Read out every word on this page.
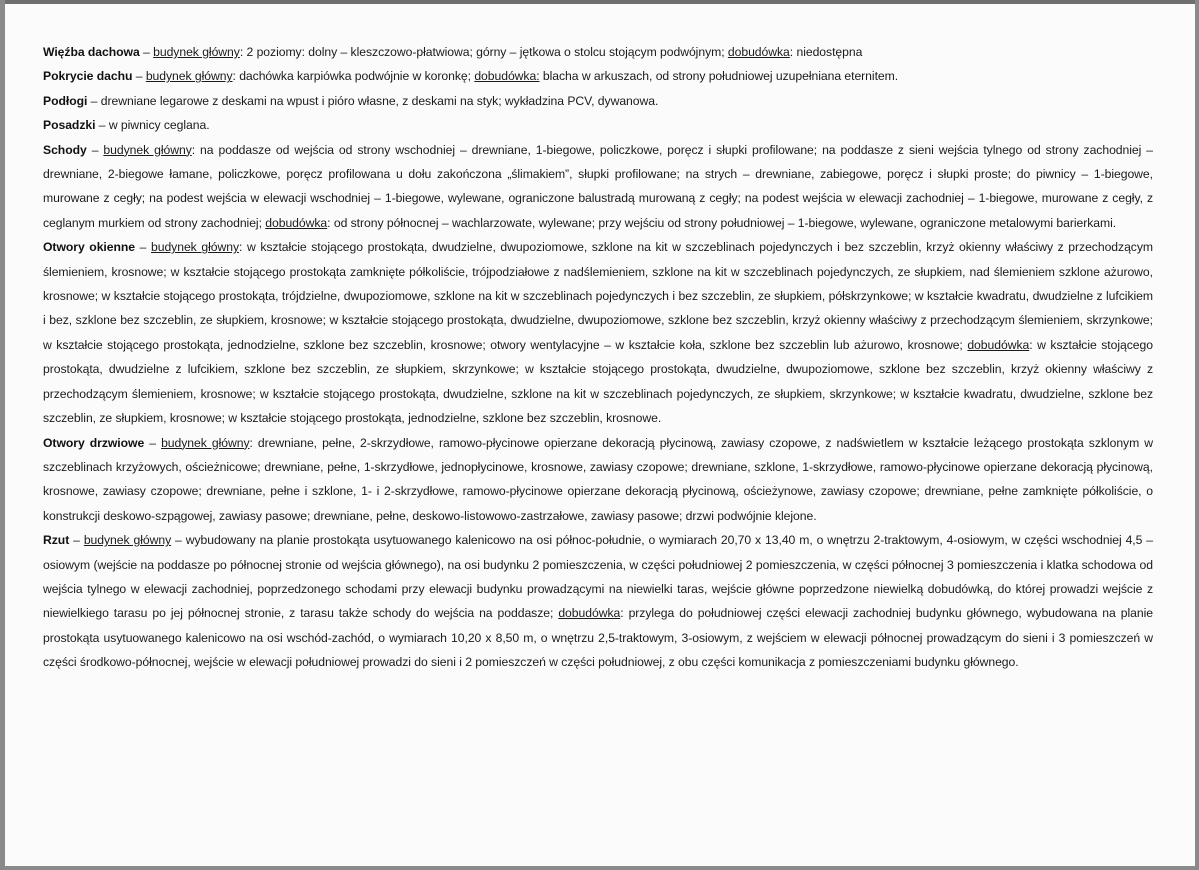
Więźba dachowa – budynek główny: 2 poziomy: dolny – kleszczowo-płatwiowa; górny – jętkowa o stolcu stojącym podwójnym; dobudówka: niedostępna

Pokrycie dachu – budynek główny: dachówka karpiówka podwójnie w koronkę; dobudówka: blacha w arkuszach, od strony południowej uzupełniana eternitem.

Podłogi – drewniane legarowe z deskami na wpust i pióro własne, z deskami na styk; wykładzina PCV, dywanowa.

Posadzki – w piwnicy ceglana.

Schody – budynek główny: na poddasze od wejścia od strony wschodniej – drewniane, 1-biegowe, policzkowe, poręcz i słupki profilowane; na poddasze z sieni wejścia tylnego od strony zachodniej – drewniane, 2-biegowe łamane, policzkowe, poręcz profilowana u dołu zakończona „ślimakiem”, słupki profilowane; na strych – drewniane, zabiegowe, poręcz i słupki proste; do piwnicy – 1-biegowe, murowane z cegły; na podest wejścia w elewacji wschodniej – 1-biegowe, wylewane, ograniczone balustradą murowaną z cegły; na podest wejścia w elewacji zachodniej – 1-biegowe, murowane z cegły, z ceglanym murkiem od strony zachodniej; dobudówka: od strony północnej – wachlarzowate, wylewane; przy wejściu od strony południowej – 1-biegowe, wylewane, ograniczone metalowymi barierkami.

Otwory okienne – budynek główny: w kształcie stojącego prostokąta, dwudzielne, dwupoziomowe, szklone na kit w szczeblinach pojedynczych i bez szczeblin, krzyż okienny właściwy z przechodzącym ślemieniem, krosnowe; w kształcie stojącego prostokąta zamknięte półkoliście, trójpodziałowe z nadślemieniem, szklone na kit w szczeblinach pojedynczych, ze słupkiem, nad ślemieniem szklone ażurowo, krosnowe; w kształcie stojącego prostokąta, trójdzielne, dwupoziomowe, szklone na kit w szczeblinach pojedynczych i bez szczeblin, ze słupkiem, półskrzynkowe; w kształcie kwadratu, dwudzielne z lufcikiem i bez, szklone bez szczeblin, ze słupkiem, krosnowe; w kształcie stojącego prostokąta, dwudzielne, dwupoziomowe, szklone bez szczeblin, krzyż okienny właściwy z przechodzącym ślemieniem, skrzynkowe; w kształcie stojącego prostokąta, jednodzielne, szklone bez szczeblin, krosnowe; otwory wentylacyjne – w kształcie koła, szklone bez szczeblin lub ażurowo, krosnowe; dobudówka: w kształcie stojącego prostokąta, dwudzielne z lufcikiem, szklone bez szczeblin, ze słupkiem, skrzynkowe; w kształcie stojącego prostokąta, dwudzielne, dwupoziomowe, szklone bez szczeblin, krzyż okienny właściwy z przechodzącym ślemieniem, krosnowe; w kształcie stojącego prostokąta, dwudzielne, szklone na kit w szczeblinach pojedynczych, ze słupkiem, skrzynkowe; w kształcie kwadratu, dwudzielne, szklone bez szczeblin, ze słupkiem, krosnowe; w kształcie stojącego prostokąta, jednodzielne, szklone bez szczeblin, krosnowe.

Otwory drzwiowe – budynek główny: drewniane, pełne, 2-skrzydłowe, ramowo-płycinowe opierzane dekoracją płycinową, zawiasy czopowe, z nadświetlem w kształcie leżącego prostokąta szklonym w szczeblinach krzyżowych, ościeżnicowe; drewniane, pełne, 1-skrzydłowe, jednopłycinowe, krosnowe, zawiasy czopowe; drewniane, szklone, 1-skrzydłowe, ramowo-płycinowe opierzane dekoracją płycinową, krosnowe, zawiasy czopowe; drewniane, pełne i szklone, 1- i 2-skrzydłowe, ramowo-płycinowe opierzane dekoracją płycinową, ościeżynowe, zawiasy czopowe; drewniane, pełne zamknięte półkoliście, o konstrukcji deskowo-szpągowej, zawiasy pasowe; drewniane, pełne, deskowo-listowowo-zastrzałowe, zawiasy pasowe; drzwi podwójnie klejone.

Rzut – budynek główny – wybudowany na planie prostokąta usytuowanego kalenicowo na osi północ-południe, o wymiarach 20,70 x 13,40 m, o wnętrzu 2-traktowym, 4-osiowym, w części wschodniej 4,5 – osiowym (wejście na poddasze po północnej stronie od wejścia głównego), na osi budynku 2 pomieszczenia, w części południowej 2 pomieszczenia, w części północnej 3 pomieszczenia i klatka schodowa od wejścia tylnego w elewacji zachodniej, poprzedzonego schodami przy elewacji budynku prowadzącymi na niewielki taras, wejście główne poprzedzone niewielką dobudówką, do której prowadzi wejście z niewielkiego tarasu po jej północnej stronie, z tarasu także schody do wejścia na poddasze; dobudówka: przylega do południowej części elewacji zachodniej budynku głównego, wybudowana na planie prostokąta usytuowanego kalenicowo na osi wschód-zachód, o wymiarach 10,20 x 8,50 m, o wnętrzu 2,5-traktowym, 3-osiowym, z wejściem w elewacji północnej prowadzącym do sieni i 3 pomieszczeń w części środkowo-północnej, wejście w elewacji południowej prowadzi do sieni i 2 pomieszczeń w części południowej, z obu części komunikacja z pomieszczeniami budynku głównego.
